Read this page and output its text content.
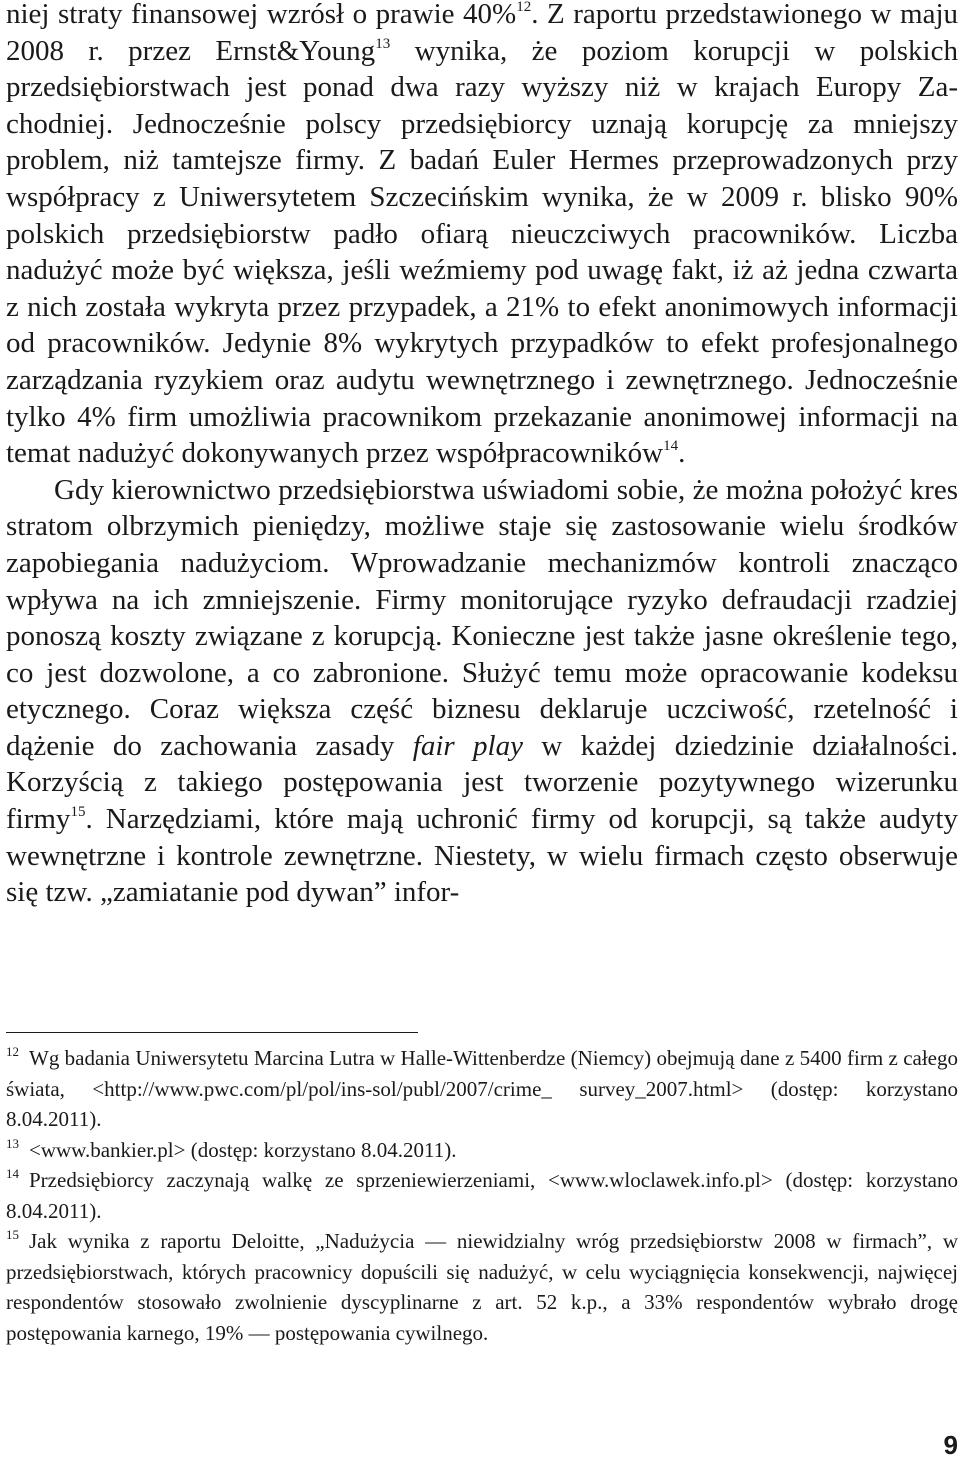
niej straty finansowej wzrósł o prawie 40%$^{12}$. Z raportu przedstawionego w maju 2008 r. przez Ernst&Young$^{13}$ wynika, że poziom korupcji w polskich przedsiębiorstwach jest ponad dwa razy wyższy niż w krajach Europy Zachodniej. Jednocześnie polscy przedsiębiorcy uznają korupcję za mniejszy problem, niż tamtejsze firmy. Z badań Euler Hermes przeprowadzonych przy współpracy z Uniwersytetem Szczecińskim wynika, że w 2009 r. blisko 90% polskich przedsiębiorstw padło ofiarą nieuczciwych pracowników. Liczba nadużyć może być większa, jeśli weźmiemy pod uwagę fakt, iż aż jedna czwarta z nich została wykryta przez przypadek, a 21% to efekt anonimowych informacji od pracowników. Jedynie 8% wykrytych przypadków to efekt profesjonalnego zarządzania ryzykiem oraz audytu wewnętrznego i zewnętrznego. Jednocześnie tylko 4% firm umożliwia pracownikom przekazanie anonimowej informacji na temat nadużyć dokonywanych przez współpracowników$^{14}$.

Gdy kierownictwo przedsiębiorstwa uświadomi sobie, że można położyć kres stratom olbrzymich pieniędzy, możliwe staje się zastosowanie wielu środków zapobiegania nadużyciom. Wprowadzanie mechanizmów kontroli znacząco wpływa na ich zmniejszenie. Firmy monitorujące ryzyko defraudacji rzadziej ponoszą koszty związane z korupcją. Konieczne jest także jasne określenie tego, co jest dozwolone, a co zabronione. Służyć temu może opracowanie kodeksu etycznego. Coraz większa część biznesu deklaruje uczciwość, rzetelność i dążenie do zachowania zasady fair play w każdej dziedzinie działalności. Korzyścią z takiego postępowania jest tworzenie pozytywnego wizerunku firmy$^{15}$. Narzędziami, które mają uchronić firmy od korupcji, są także audyty wewnętrzne i kontrole zewnętrzne. Niestety, w wielu firmach często obserwuje się tzw. „zamiatanie pod dywan” infor-

$^{12}$ Wg badania Uniwersytetu Marcina Lutra w Halle-Wittenberdze (Niemcy) obejmują dane z 5400 firm z całego świata, <http://www.pwc.com/pl/pol/ins-sol/publ/2007/crime_ survey_2007.html> (dostęp: korzystano 8.04.2011).

$^{13}$ <www.bankier.pl> (dostęp: korzystano 8.04.2011).

$^{14}$ Przedsiębiorcy zaczynają walkę ze sprzeniewierzeniami, <www.wloclawek.info.pl> (dostęp: korzystano 8.04.2011).

$^{15}$ Jak wynika z raportu Deloitte, „Nadużycia — niewidzialny wróg przedsiębiorstw 2008 w firmach”, w przedsiębiorstwach, których pracownicy dopuścili się nadużyć, w celu wyciągnięcia konsekwencji, najwięcej respondentów stosowało zwolnienie dyscyplinarne z art. 52 k.p., a 33% respondentów wybrało drogę postępowania karnego, 19% — postępowania cywilnego.

9
